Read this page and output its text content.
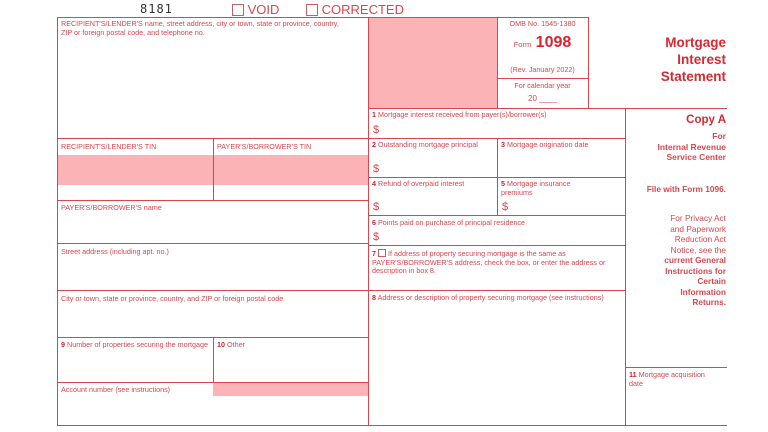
8181	VOID	CORRECTED
RECIPIENT'S/LENDER'S name, street address, city or town, state or province, country, ZIP or foreign postal code, and telephone no.
RECIPIENT'S/LENDER'S TIN	PAYER'S/BORROWER'S TIN
PAYER'S/BORROWER'S name
Street address (including apt. no.)
City or town, state or province, country, and ZIP or foreign postal code
9 Number of properties securing the mortgage	10 Other
Account number (see instructions)
OMB No. 1545-1380
Form 1098
(Rev. January 2022)
For calendar year
20 ____
Mortgage
Interest
Statement
1 Mortgage interest received from payer(s)/borrower(s)
$
2 Outstanding mortgage principal
$
3 Mortgage origination date
4 Refund of overpaid interest
$
5 Mortgage insurance premiums
$
6 Points paid on purchase of principal residence
$
7 If address of property securing mortgage is the same as PAYER'S/BORROWER'S address, check the box, or enter the address or description in box 8.
8 Address or description of property securing mortgage (see instructions)
Copy A
For
Internal Revenue
Service Center
File with Form 1096.
For Privacy Act
and Paperwork
Reduction Act
Notice, see the
current General
Instructions for
Certain
Information
Returns.
11 Mortgage acquisition date
